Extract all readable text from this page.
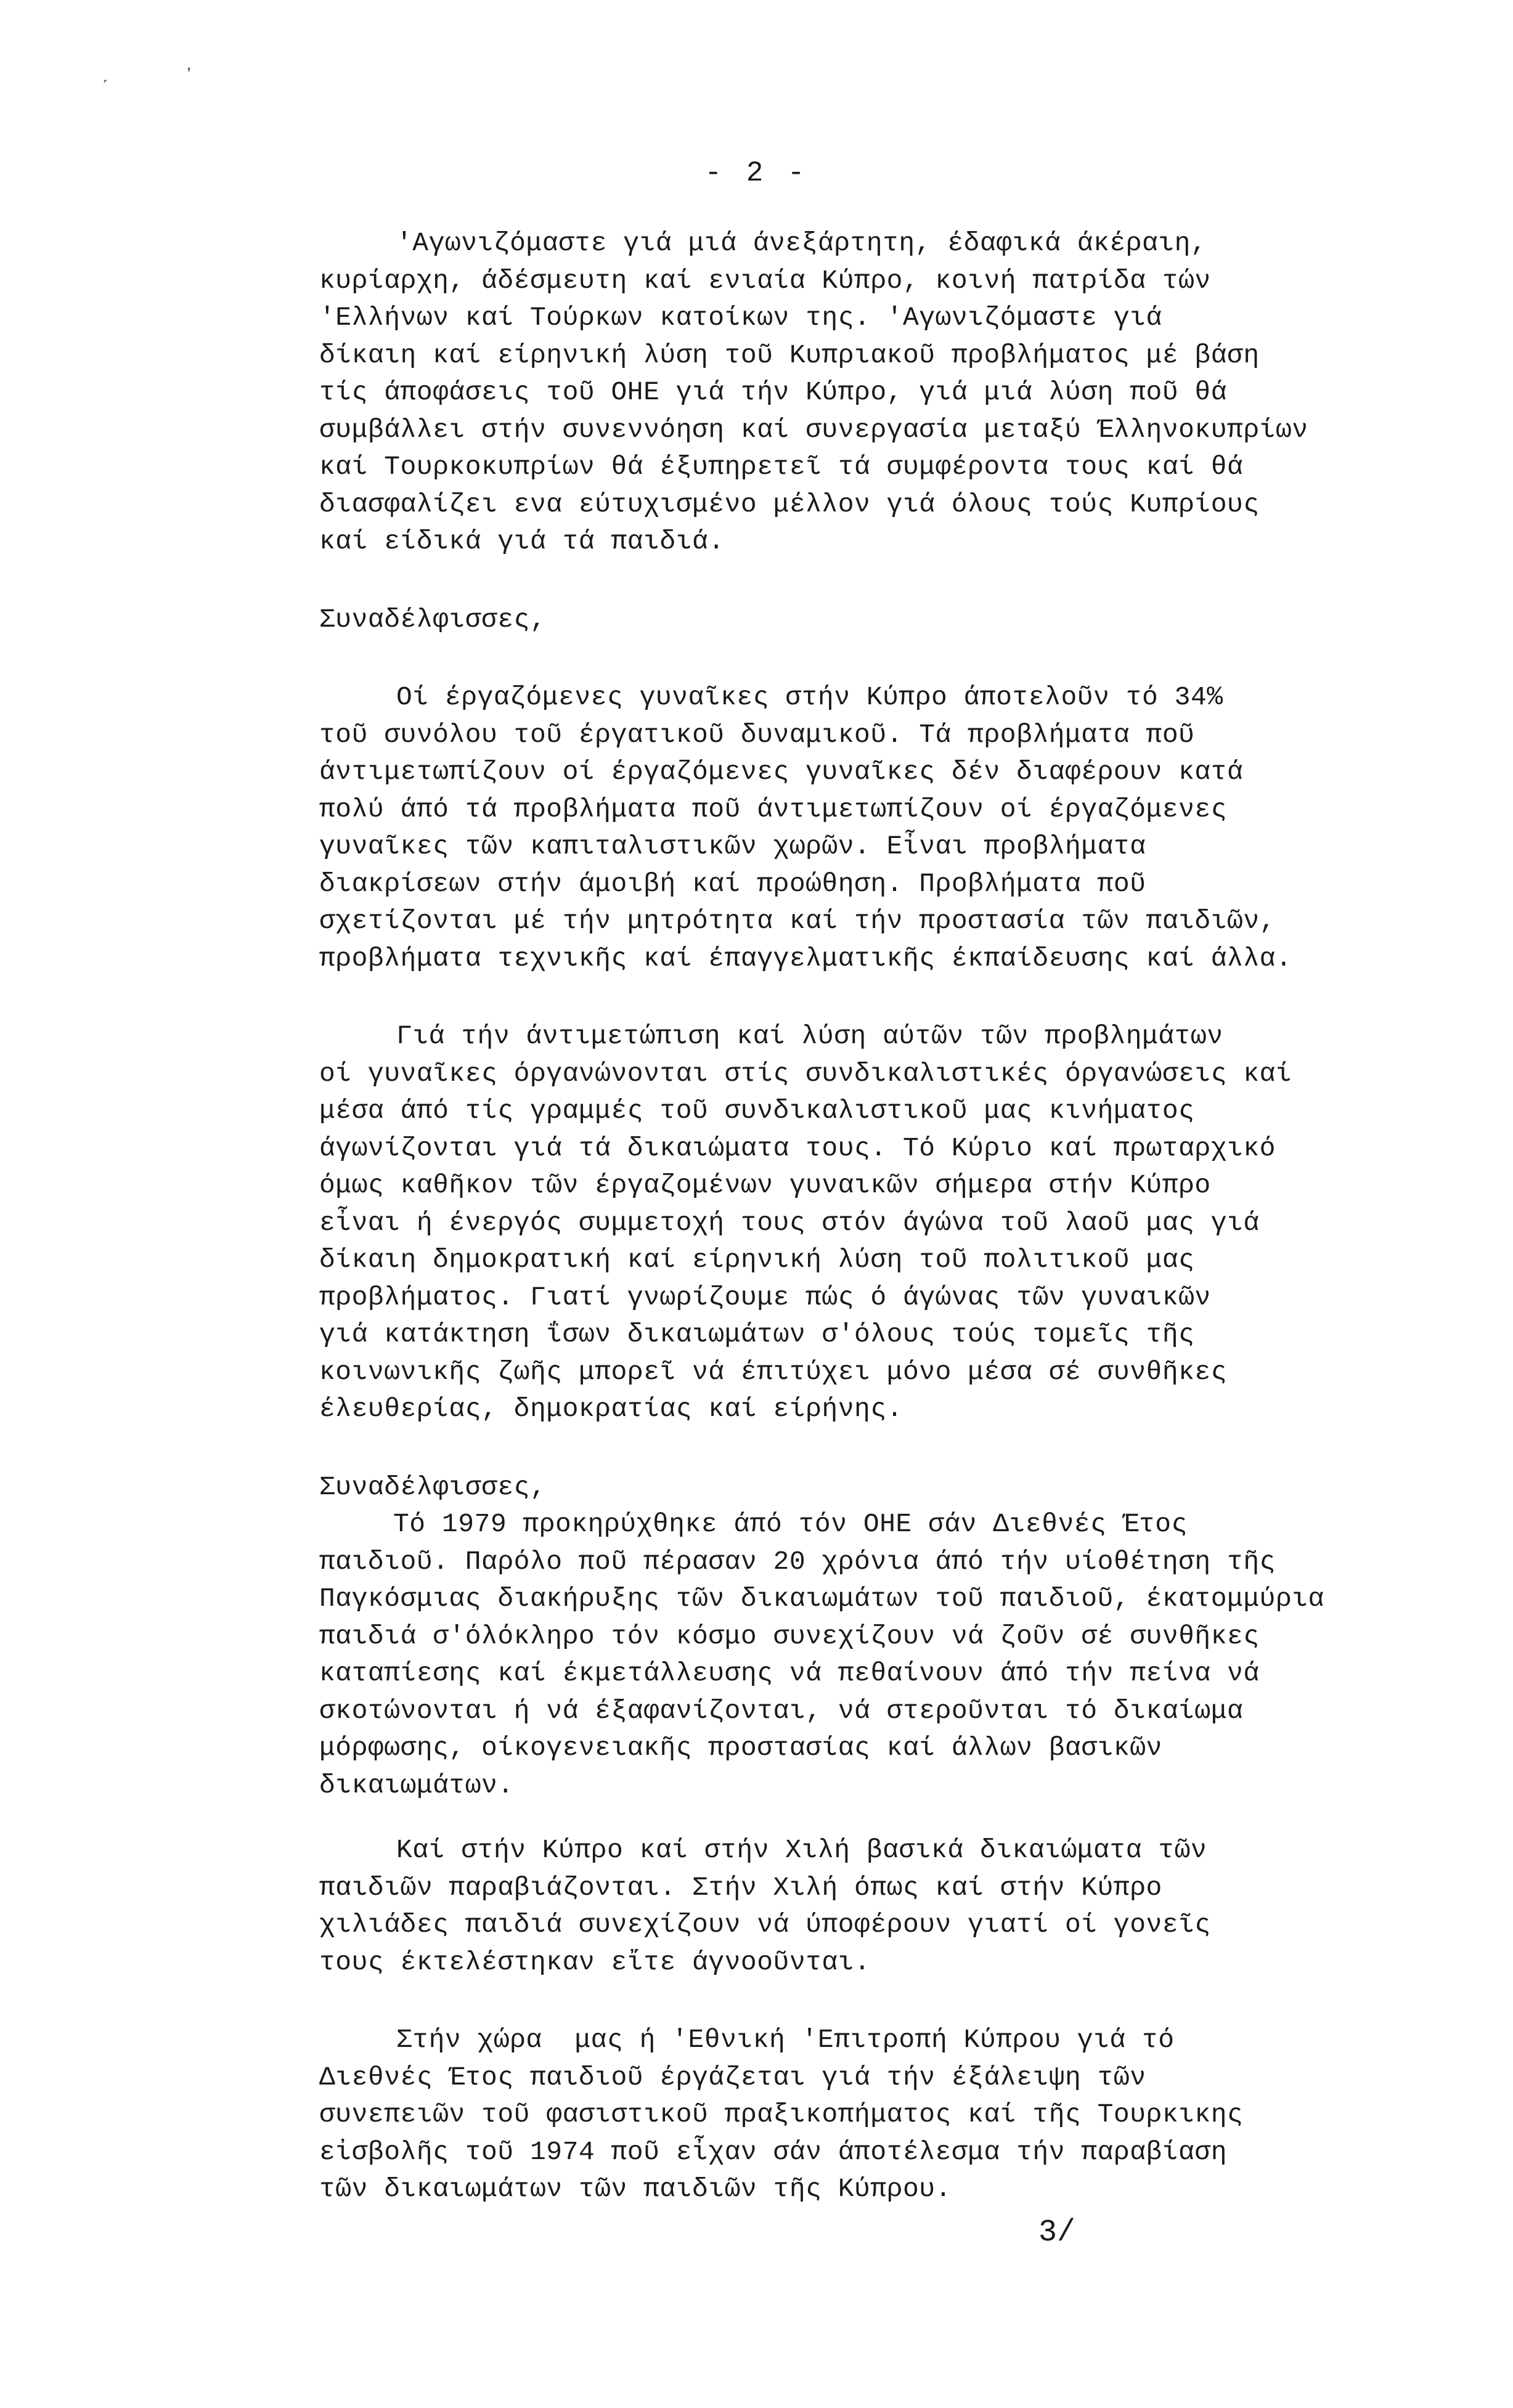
´
ʼ
- 2 -
'Αγωνιζόμαστε γιά μιά άνεξάρτητη, έδαφικά άκέραιη,
κυρίαρχη, άδέσμευτη καί ενιαία Κύπρο, κοινή πατρίδα τών
'Ελλήνων καί Τούρκων κατοίκων της. 'Αγωνιζόμαστε γιά
δίκαιη καί είρηνική λύση τοῦ Κυπριακοῦ προβλήματος μέ βάση
τίς άποφάσεις τοῦ ΟΗΕ γιά τήν Κύπρο, γιά μιά λύση ποῦ θά
συμβάλλει στήν συνεννόηση καί συνεργασία μεταξύ Έλληνοκυπρίων
καί Τουρκοκυπρίων θά έξυπηρετεῖ τά συμφέροντα τους καί θά
διασφαλίζει ενα εύτυχισμένο μέλλον γιά όλους τούς Κυπρίους
καί είδικά γιά τά παιδιά.
Συναδέλφισσες,
Οί έργαζόμενες γυναῖκες στήν Κύπρο άποτελοῦν τό 34%
τοῦ συνόλου τοῦ έργατικοῦ δυναμικοῦ. Τά προβλήματα ποῦ
άντιμετωπίζουν οί έργαζόμενες γυναῖκες δέν διαφέρουν κατά
πολύ άπό τά προβλήματα ποῦ άντιμετωπίζουν οί έργαζόμενες
γυναῖκες τῶν καπιταλιστικῶν χωρῶν. Εἶναι προβλήματα
διακρίσεων στήν άμοιβή καί προώθηση. Προβλήματα ποῦ
σχετίζονται μέ τήν μητρότητα καί τήν προστασία τῶν παιδιῶν,
προβλήματα τεχνικῆς καί έπαγγελματικῆς έκπαίδευσης καί άλλα.
Γιά τήν άντιμετώπιση καί λύση αύτῶν τῶν προβλημάτων
οί γυναῖκες όργανώνονται στίς συνδικαλιστικές όργανώσεις καί
μέσα άπό τίς γραμμές τοῦ συνδικαλιστικοῦ μας κινήματος
άγωνίζονται γιά τά δικαιώματα τους. Τό Κύριο καί πρωταρχικό
όμως καθῆκον τῶν έργαζομένων γυναικῶν σήμερα στήν Κύπρο
εἶναι ή ένεργός συμμετοχή τους στόν άγώνα τοῦ λαοῦ μας γιά
δίκαιη δημοκρατική καί είρηνική λύση τοῦ πολιτικοῦ μας
προβλήματος. Γιατί γνωρίζουμε πώς ό άγώνας τῶν γυναικῶν
γιά κατάκτηση ΐσων δικαιωμάτων σ'όλους τούς τομεῖς τῆς
κοινωνικῆς ζωῆς μπορεῖ νά έπιτύχει μόνο μέσα σέ συνθῆκες
έλευθερίας, δημοκρατίας καί είρήνης.
Συναδέλφισσες,
Τό 1979 προκηρύχθηκε άπό τόν ΟΗΕ σάν Διεθνές Έτος
παιδιοῦ. Παρόλο ποῦ πέρασαν 20 χρόνια άπό τήν υίοθέτηση τῆς
Παγκόσμιας διακήρυξης τῶν δικαιωμάτων τοῦ παιδιοῦ, έκατομμύρια
παιδιά σ'όλόκληρο τόν κόσμο συνεχίζουν νά ζοῦν σέ συνθῆκες
καταπίεσης καί έκμετάλλευσης νά πεθαίνουν άπό τήν πείνα νά
σκοτώνονται ή νά έξαφανίζονται, νά στεροῦνται τό δικαίωμα
μόρφωσης, οίκογενειακῆς προστασίας καί άλλων βασικῶν
δικαιωμάτων.
Καί στήν Κύπρο καί στήν Χιλή βασικά δικαιώματα τῶν
παιδιῶν παραβιάζονται. Στήν Χιλή όπως καί στήν Κύπρο
χιλιάδες παιδιά συνεχίζουν νά ύποφέρουν γιατί οί γονεῖς
τους έκτελέστηκαν εἴτε άγνοοῦνται.
Στήν χώρα  μας ή 'Εθνική 'Επιτροπή Κύπρου γιά τό
Διεθνές Έτος παιδιοῦ έργάζεται γιά τήν έξάλειψη τῶν
συνεπειῶν τοῦ φασιστικοῦ πραξικοπήματος καί τῆς Τουρκικης
εἰσβολῆς τοῦ 1974 ποῦ εἶχαν σάν άποτέλεσμα τήν παραβίαση
τῶν δικαιωμάτων τῶν παιδιῶν τῆς Κύπρου.
3/
